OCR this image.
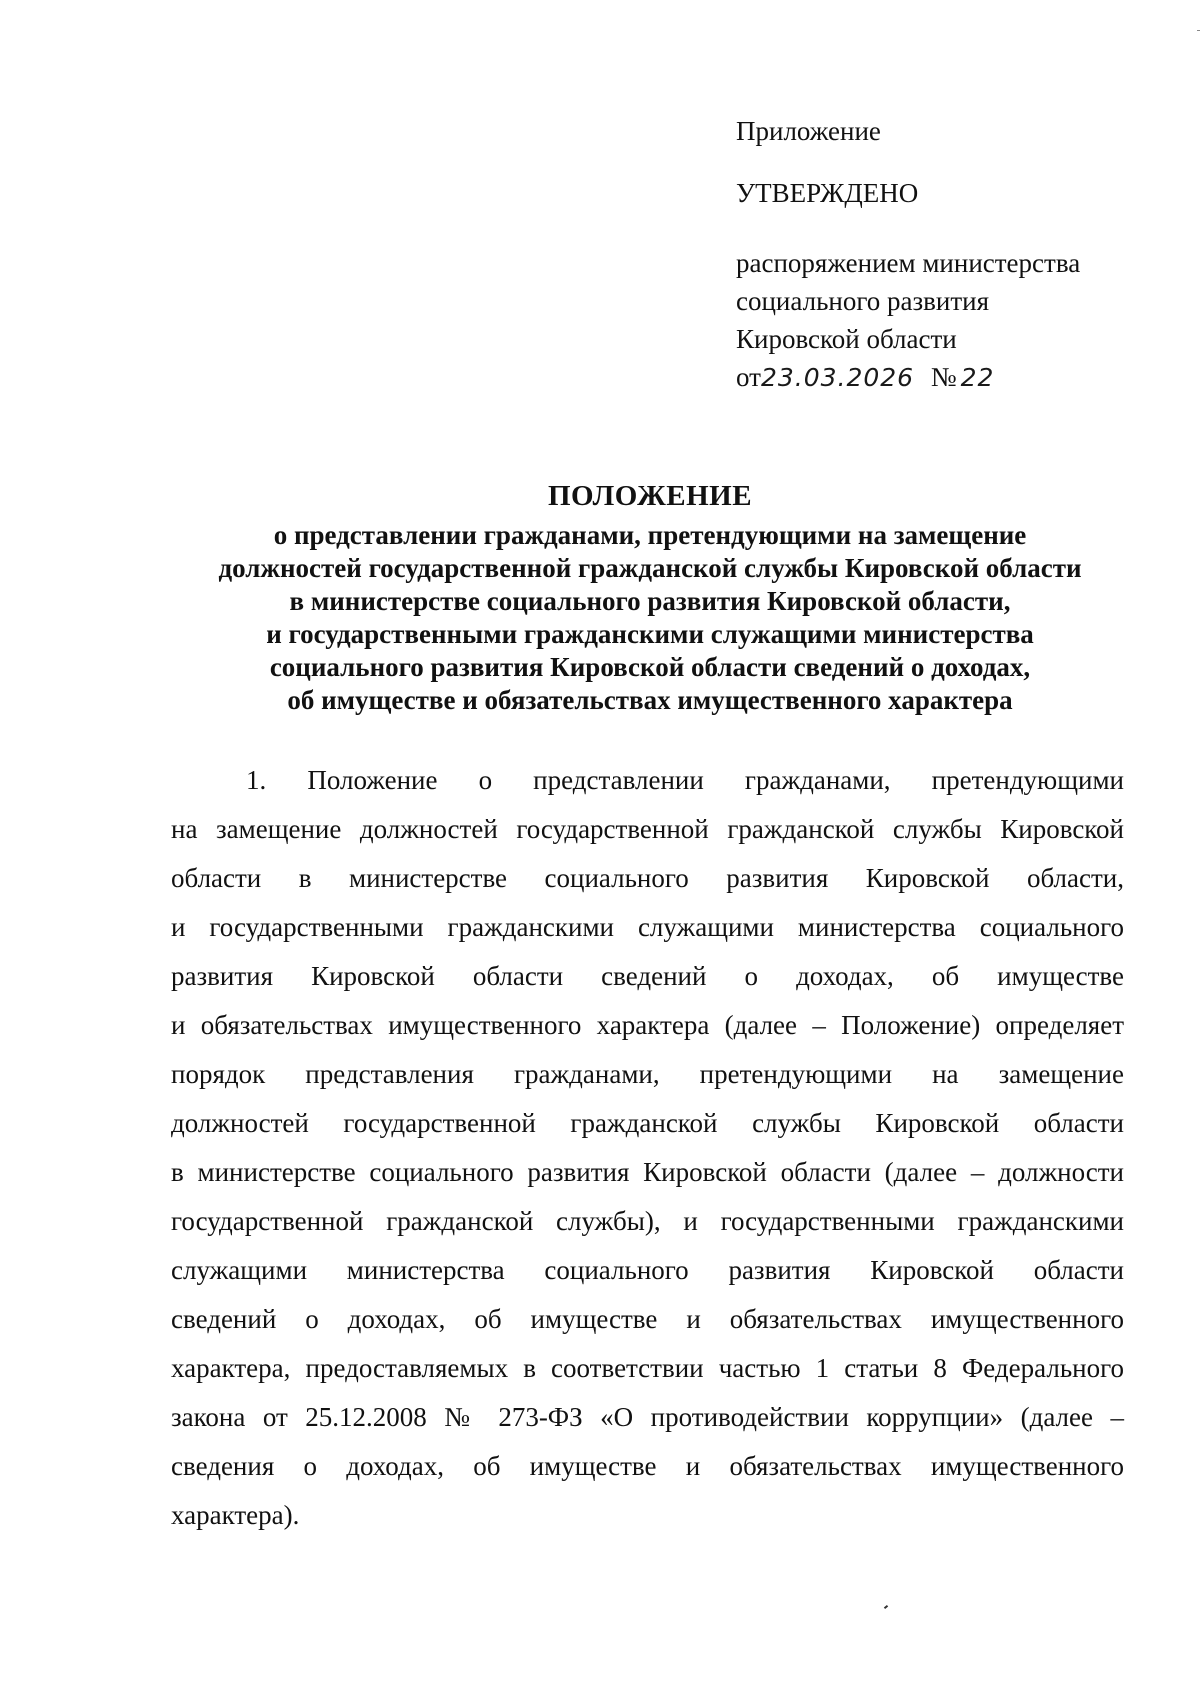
Приложение
УТВЕРЖДЕНО
распоряжением министерства
социального развития
Кировской области
от23.03.2026 № 22
ПОЛОЖЕНИЕ
о представлении гражданами, претендующими на замещение
должностей государственной гражданской службы Кировской области
в министерстве социального развития Кировской области,
и государственными гражданскими служащими министерства
социального развития Кировской области сведений о доходах,
об имуществе и обязательствах имущественного характера
1. Положение о представлении гражданами, претендующими
на замещение должностей государственной гражданской службы Кировской
области в министерстве социального развития Кировской области,
и государственными гражданскими служащими министерства социального
развития Кировской области сведений о доходах, об имуществе
и обязательствах имущественного характера (далее – Положение) определяет
порядок представления гражданами, претендующими на замещение
должностей государственной гражданской службы Кировской области
в министерстве социального развития Кировской области (далее – должности
государственной гражданской службы), и государственными гражданскими
служащими министерства социального развития Кировской области
сведений о доходах, об имуществе и обязательствах имущественного
характера, предоставляемых в соответствии частью 1 статьи 8 Федерального
закона от 25.12.2008 № 273-ФЗ «О противодействии коррупции» (далее –
сведения о доходах, об имуществе и обязательствах имущественного
характера).
